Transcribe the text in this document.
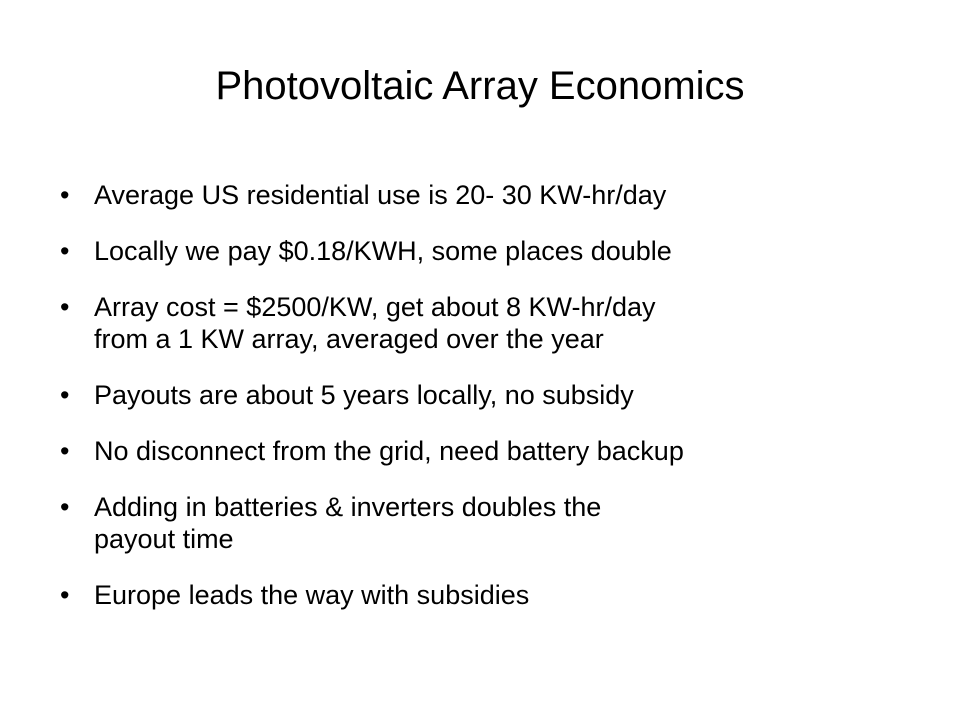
Photovoltaic Array Economics
• Average US residential use is 20- 30 KW-hr/day
• Locally we pay $0.18/KWH, some places double
• Array cost = $2500/KW, get about 8 KW-hr/day
from a 1 KW array, averaged over the year
• Payouts are about 5 years locally, no subsidy
• No disconnect from the grid, need battery backup
• Adding in batteries & inverters doubles the
payout time
• Europe leads the way with subsidies
